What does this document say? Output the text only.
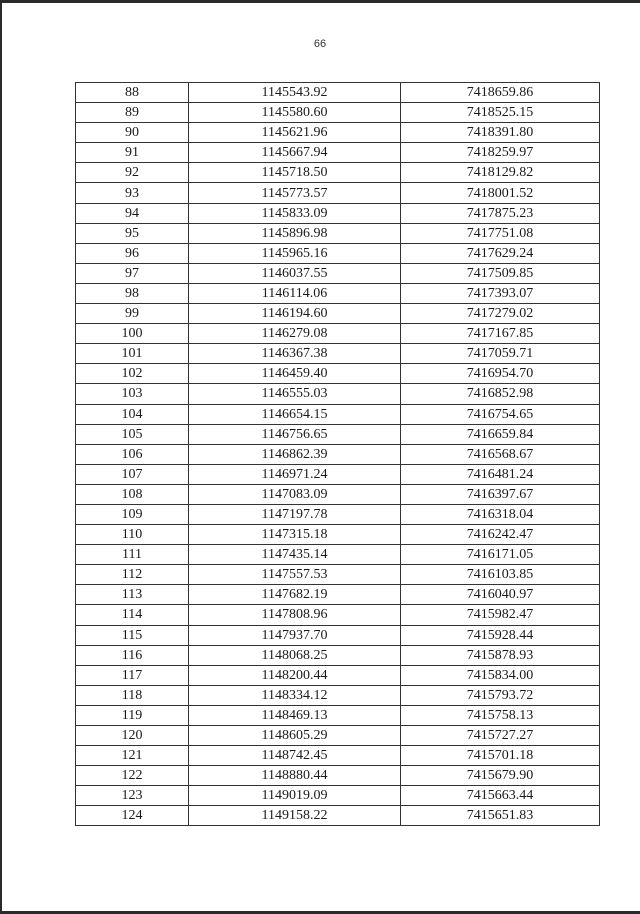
66
88	1145543.92	7418659.86
89	1145580.60	7418525.15
90	1145621.96	7418391.80
91	1145667.94	7418259.97
92	1145718.50	7418129.82
93	1145773.57	7418001.52
94	1145833.09	7417875.23
95	1145896.98	7417751.08
96	1145965.16	7417629.24
97	1146037.55	7417509.85
98	1146114.06	7417393.07
99	1146194.60	7417279.02
100	1146279.08	7417167.85
101	1146367.38	7417059.71
102	1146459.40	7416954.70
103	1146555.03	7416852.98
104	1146654.15	7416754.65
105	1146756.65	7416659.84
106	1146862.39	7416568.67
107	1146971.24	7416481.24
108	1147083.09	7416397.67
109	1147197.78	7416318.04
110	1147315.18	7416242.47
111	1147435.14	7416171.05
112	1147557.53	7416103.85
113	1147682.19	7416040.97
114	1147808.96	7415982.47
115	1147937.70	7415928.44
116	1148068.25	7415878.93
117	1148200.44	7415834.00
118	1148334.12	7415793.72
119	1148469.13	7415758.13
120	1148605.29	7415727.27
121	1148742.45	7415701.18
122	1148880.44	7415679.90
123	1149019.09	7415663.44
124	1149158.22	7415651.83
